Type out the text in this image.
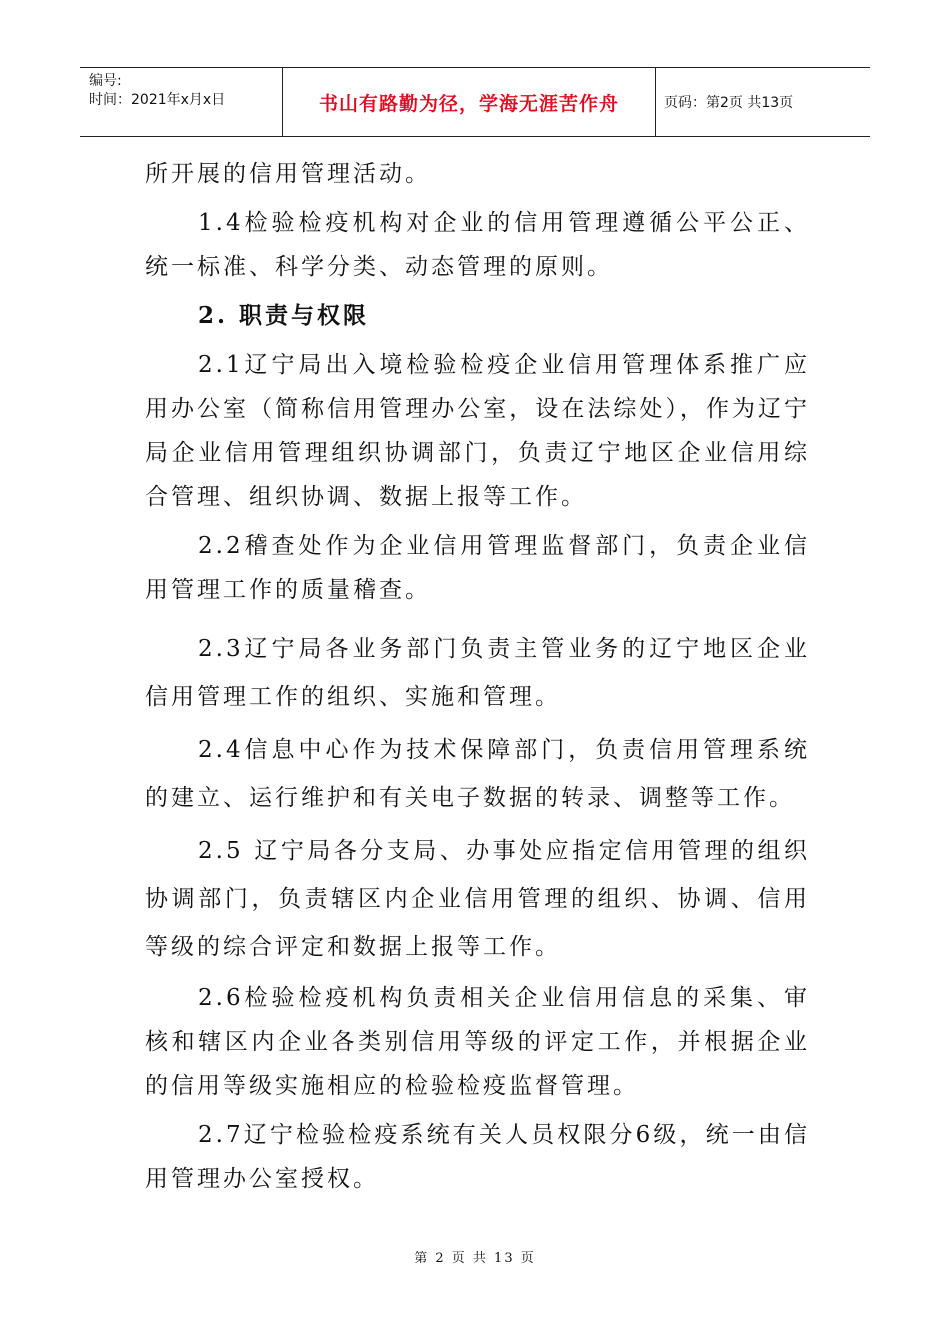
编号:
时间：2021年x月x日	书山有路勤为径，学海无涯苦作舟	页码：第2页 共13页

所开展的信用管理活动。

1.4检验检疫机构对企业的信用管理遵循公平公正、统一标准、科学分类、动态管理的原则。

2. 职责与权限

2.1辽宁局出入境检验检疫企业信用管理体系推广应用办公室（简称信用管理办公室，设在法综处），作为辽宁局企业信用管理组织协调部门，负责辽宁地区企业信用综合管理、组织协调、数据上报等工作。

2.2稽查处作为企业信用管理监督部门，负责企业信用管理工作的质量稽查。

2.3辽宁局各业务部门负责主管业务的辽宁地区企业信用管理工作的组织、实施和管理。

2.4信息中心作为技术保障部门，负责信用管理系统的建立、运行维护和有关电子数据的转录、调整等工作。

2.5 辽宁局各分支局、办事处应指定信用管理的组织协调部门，负责辖区内企业信用管理的组织、协调、信用等级的综合评定和数据上报等工作。

2.6检验检疫机构负责相关企业信用信息的采集、审核和辖区内企业各类别信用等级的评定工作，并根据企业的信用等级实施相应的检验检疫监督管理。

2.7辽宁检验检疫系统有关人员权限分6级，统一由信用管理办公室授权。

第 2 页 共 13 页
